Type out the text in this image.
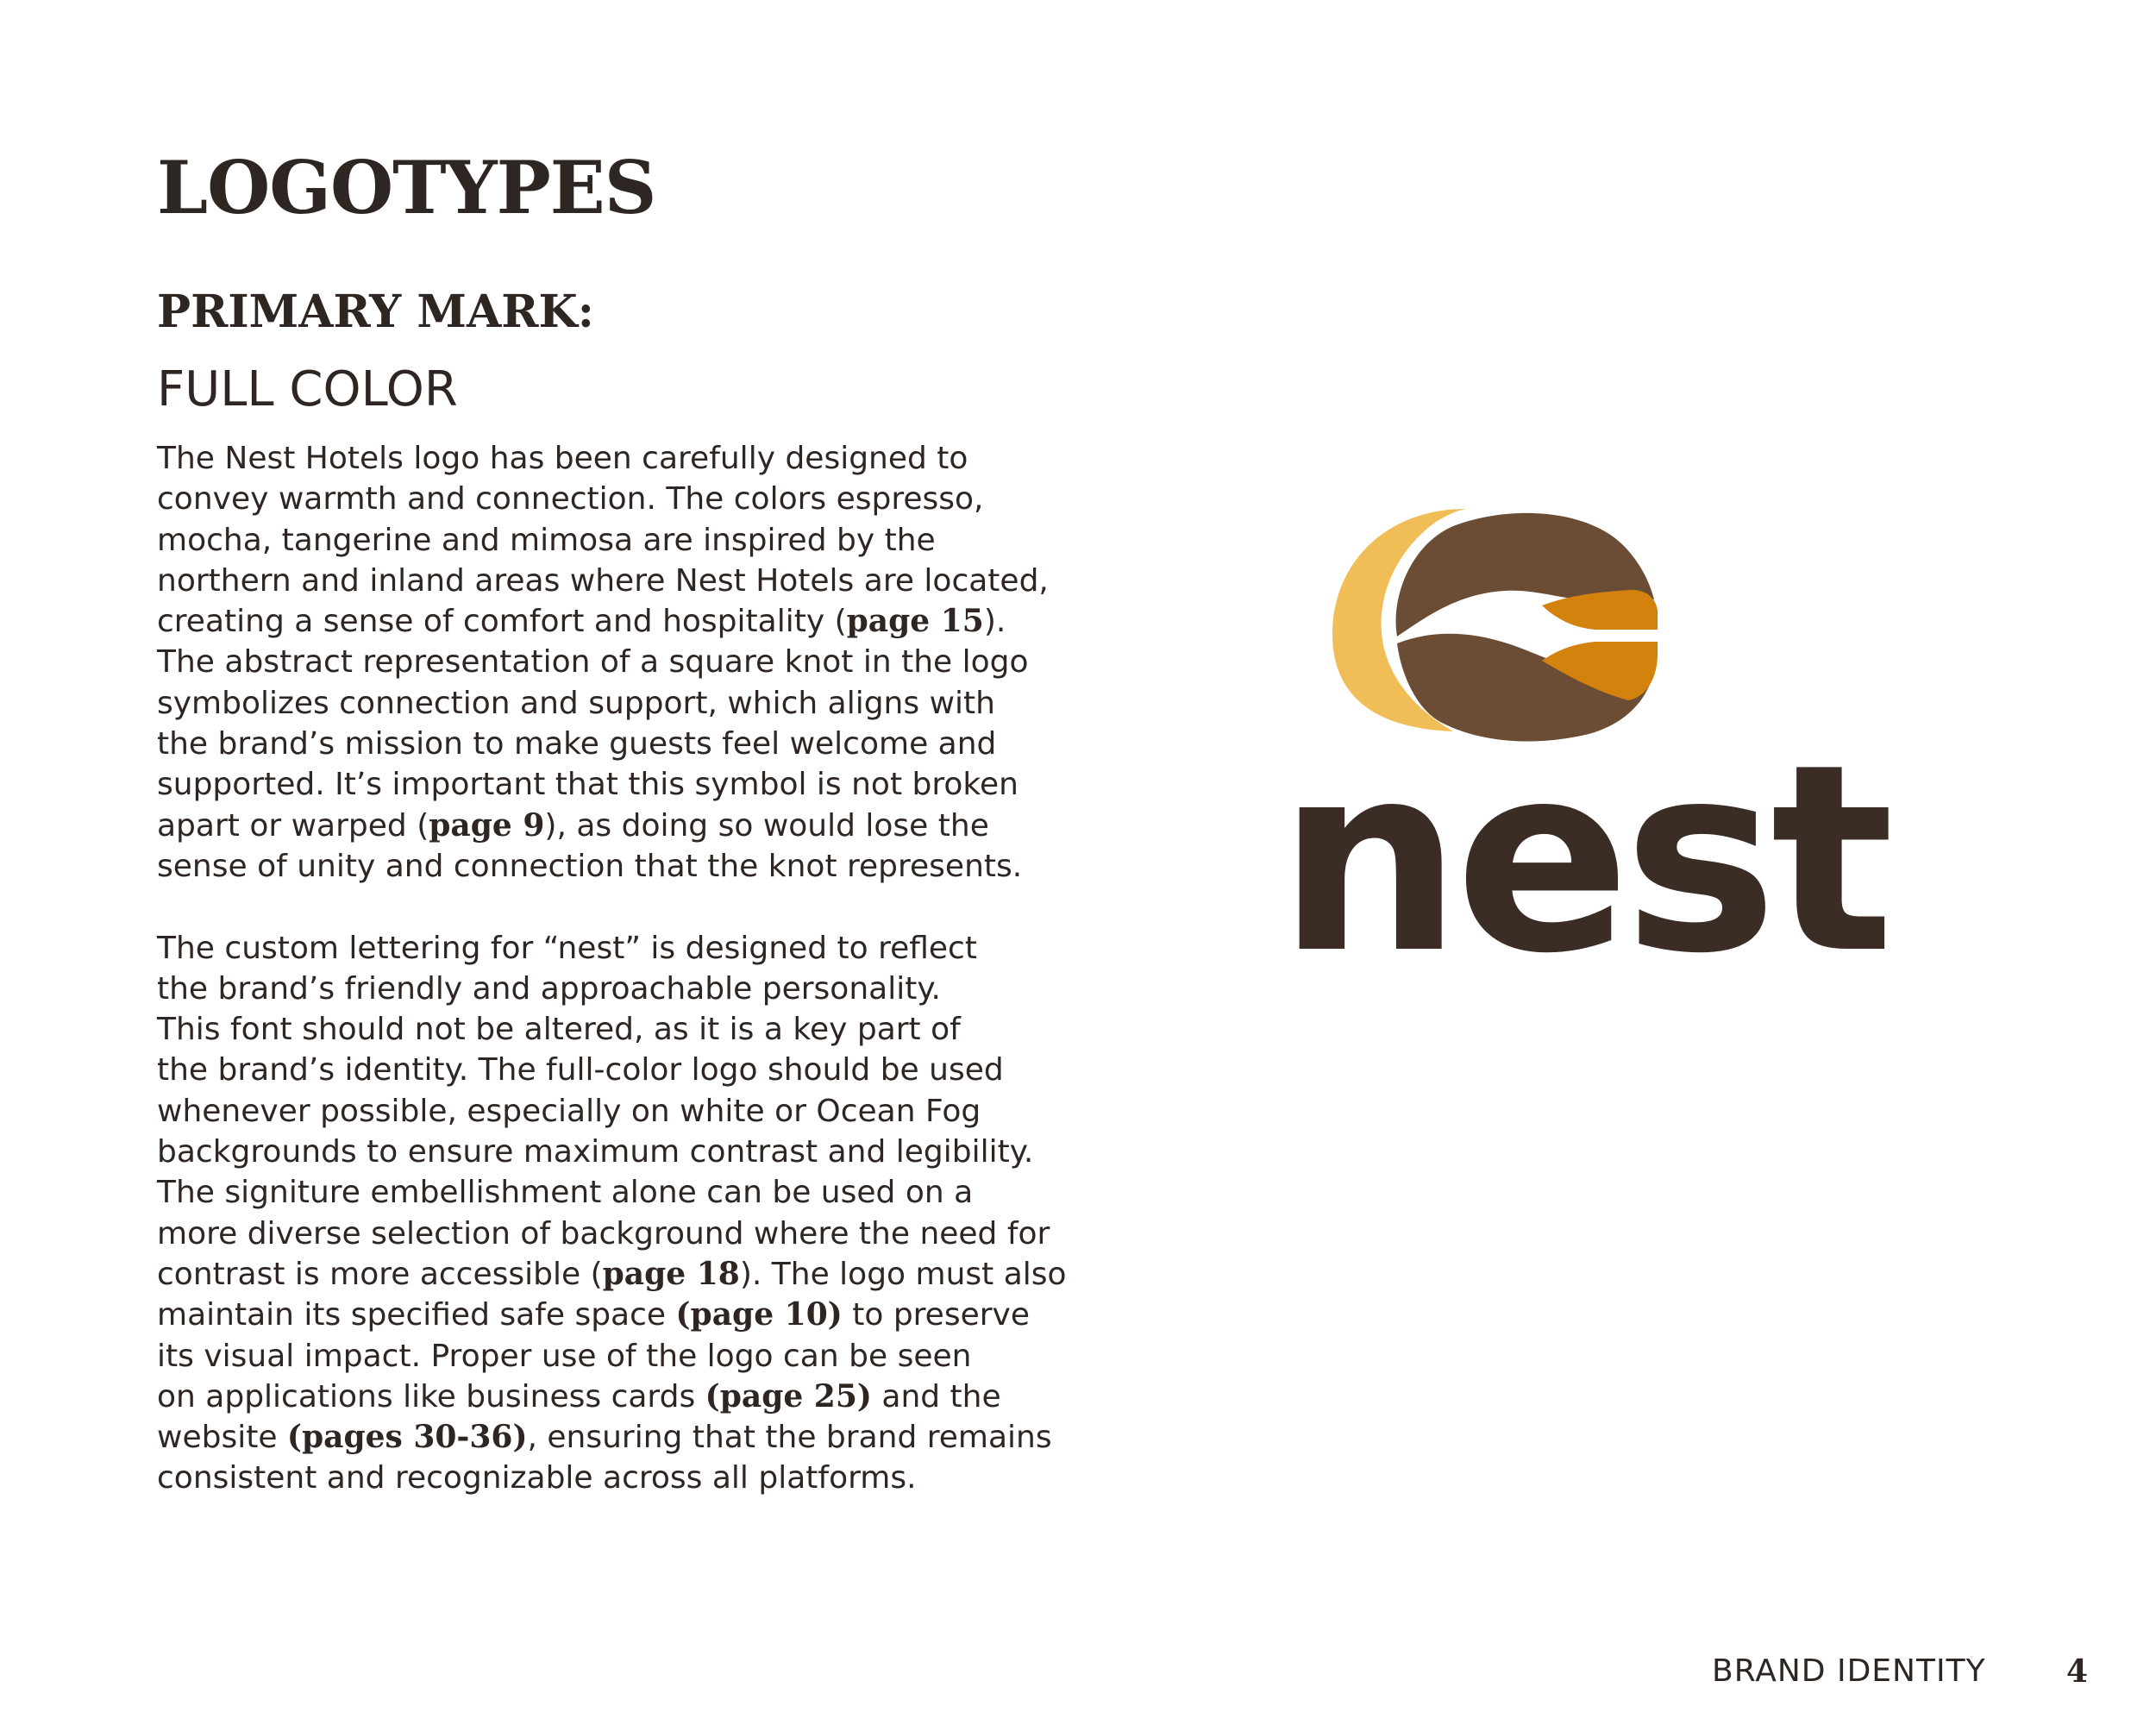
LOGOTYPES
PRIMARY MARK:
FULL COLOR

The Nest Hotels logo has been carefully designed to
convey warmth and connection. The colors espresso,
mocha, tangerine and mimosa are inspired by the
northern and inland areas where Nest Hotels are located,
creating a sense of comfort and hospitality (page 15).
The abstract representation of a square knot in the logo
symbolizes connection and support, which aligns with
the brand’s mission to make guests feel welcome and
supported. It’s important that this symbol is not broken
apart or warped (page 9), as doing so would lose the
sense of unity and connection that the knot represents.

The custom lettering for “nest” is designed to reflect
the brand’s friendly and approachable personality.
This font should not be altered, as it is a key part of
the brand’s identity. The full-color logo should be used
whenever possible, especially on white or Ocean Fog
backgrounds to ensure maximum contrast and legibility.
The signiture embellishment alone can be used on a
more diverse selection of background where the need for
contrast is more accessible (page 18). The logo must also
maintain its specified safe space (page 10) to preserve
its visual impact. Proper use of the logo can be seen
on applications like business cards (page 25) and the
website (pages 30-36), ensuring that the brand remains
consistent and recognizable across all platforms.

nest
BRAND IDENTITY	4
